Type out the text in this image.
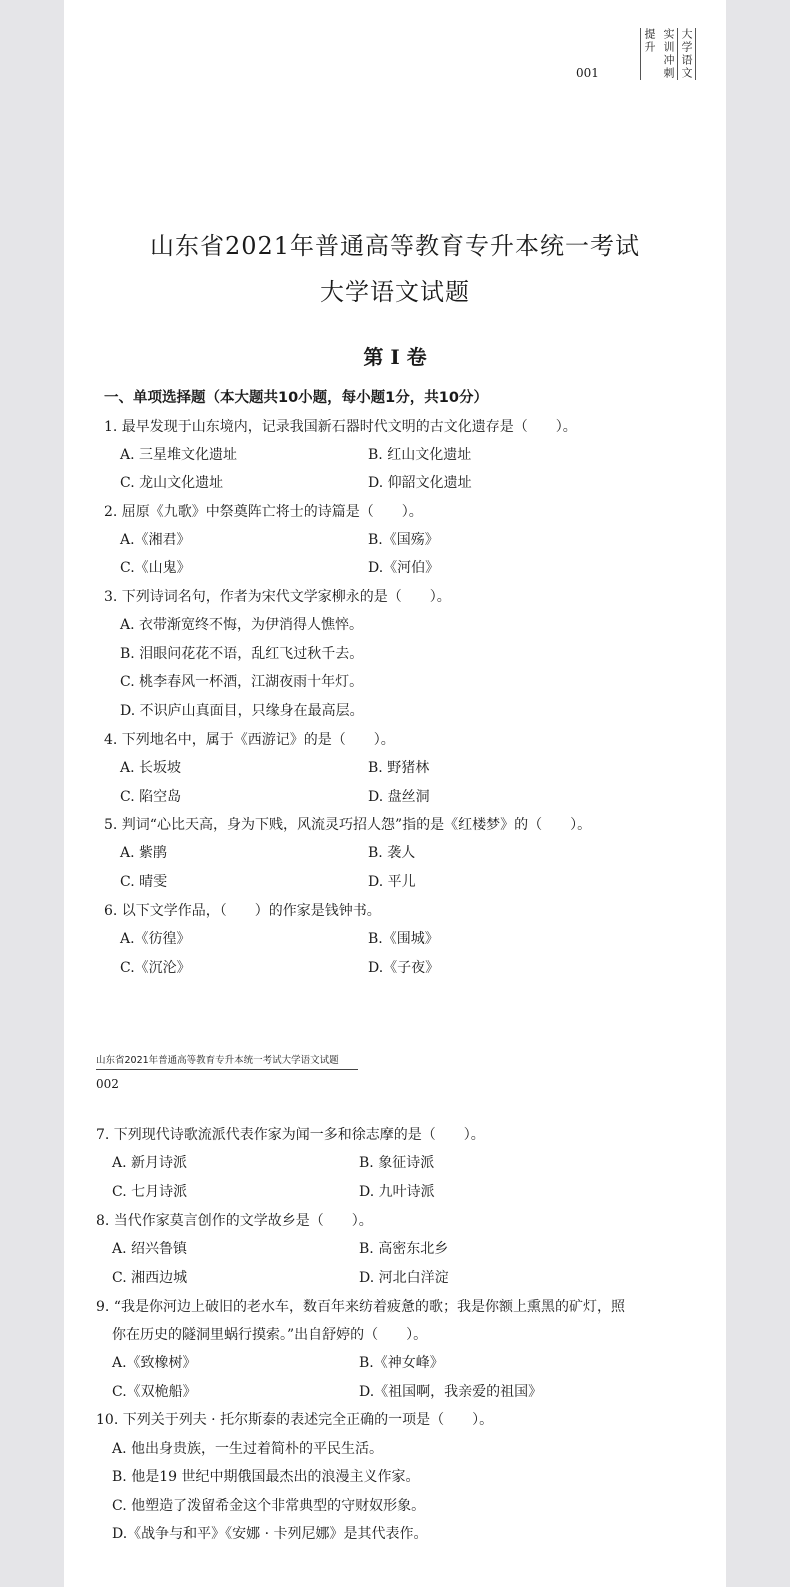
001
提升 实训冲刺 大学语文
山东省2021年普通高等教育专升本统一考试
大学语文试题
第 I 卷
一、单项选择题（本大题共10小题，每小题1分，共10分）
1. 最早发现于山东境内，记录我国新石器时代文明的古文化遗存是（　　）。
A. 三星堆文化遗址	B. 红山文化遗址
C. 龙山文化遗址	D. 仰韶文化遗址
2. 屈原《九歌》中祭奠阵亡将士的诗篇是（　　）。
A.《湘君》	B.《国殇》
C.《山鬼》	D.《河伯》
3. 下列诗词名句，作者为宋代文学家柳永的是（　　）。
A. 衣带渐宽终不悔，为伊消得人憔悴。
B. 泪眼问花花不语，乱红飞过秋千去。
C. 桃李春风一杯酒，江湖夜雨十年灯。
D. 不识庐山真面目，只缘身在最高层。
4. 下列地名中，属于《西游记》的是（　　）。
A. 长坂坡	B. 野猪林
C. 陷空岛	D. 盘丝洞
5. 判词“心比天高，身为下贱，风流灵巧招人怨”指的是《红楼梦》的（　　）。
A. 紫鹃	B. 袭人
C. 晴雯	D. 平儿
6. 以下文学作品，（　　）的作家是钱钟书。
A.《彷徨》	B.《围城》
C.《沉沦》	D.《子夜》
山东省2021年普通高等教育专升本统一考试大学语文试题
002
7. 下列现代诗歌流派代表作家为闻一多和徐志摩的是（　　）。
A. 新月诗派	B. 象征诗派
C. 七月诗派	D. 九叶诗派
8. 当代作家莫言创作的文学故乡是（　　）。
A. 绍兴鲁镇	B. 高密东北乡
C. 湘西边城	D. 河北白洋淀
9. “我是你河边上破旧的老水车，数百年来纺着疲惫的歌；我是你额上熏黑的矿灯，照
你在历史的隧洞里蜗行摸索。”出自舒婷的（　　）。
A.《致橡树》	B.《神女峰》
C.《双桅船》	D.《祖国啊，我亲爱的祖国》
10. 下列关于列夫 · 托尔斯泰的表述完全正确的一项是（　　）。
A. 他出身贵族，一生过着简朴的平民生活。
B. 他是19 世纪中期俄国最杰出的浪漫主义作家。
C. 他塑造了泼留希金这个非常典型的守财奴形象。
D.《战争与和平》《安娜 · 卡列尼娜》是其代表作。
